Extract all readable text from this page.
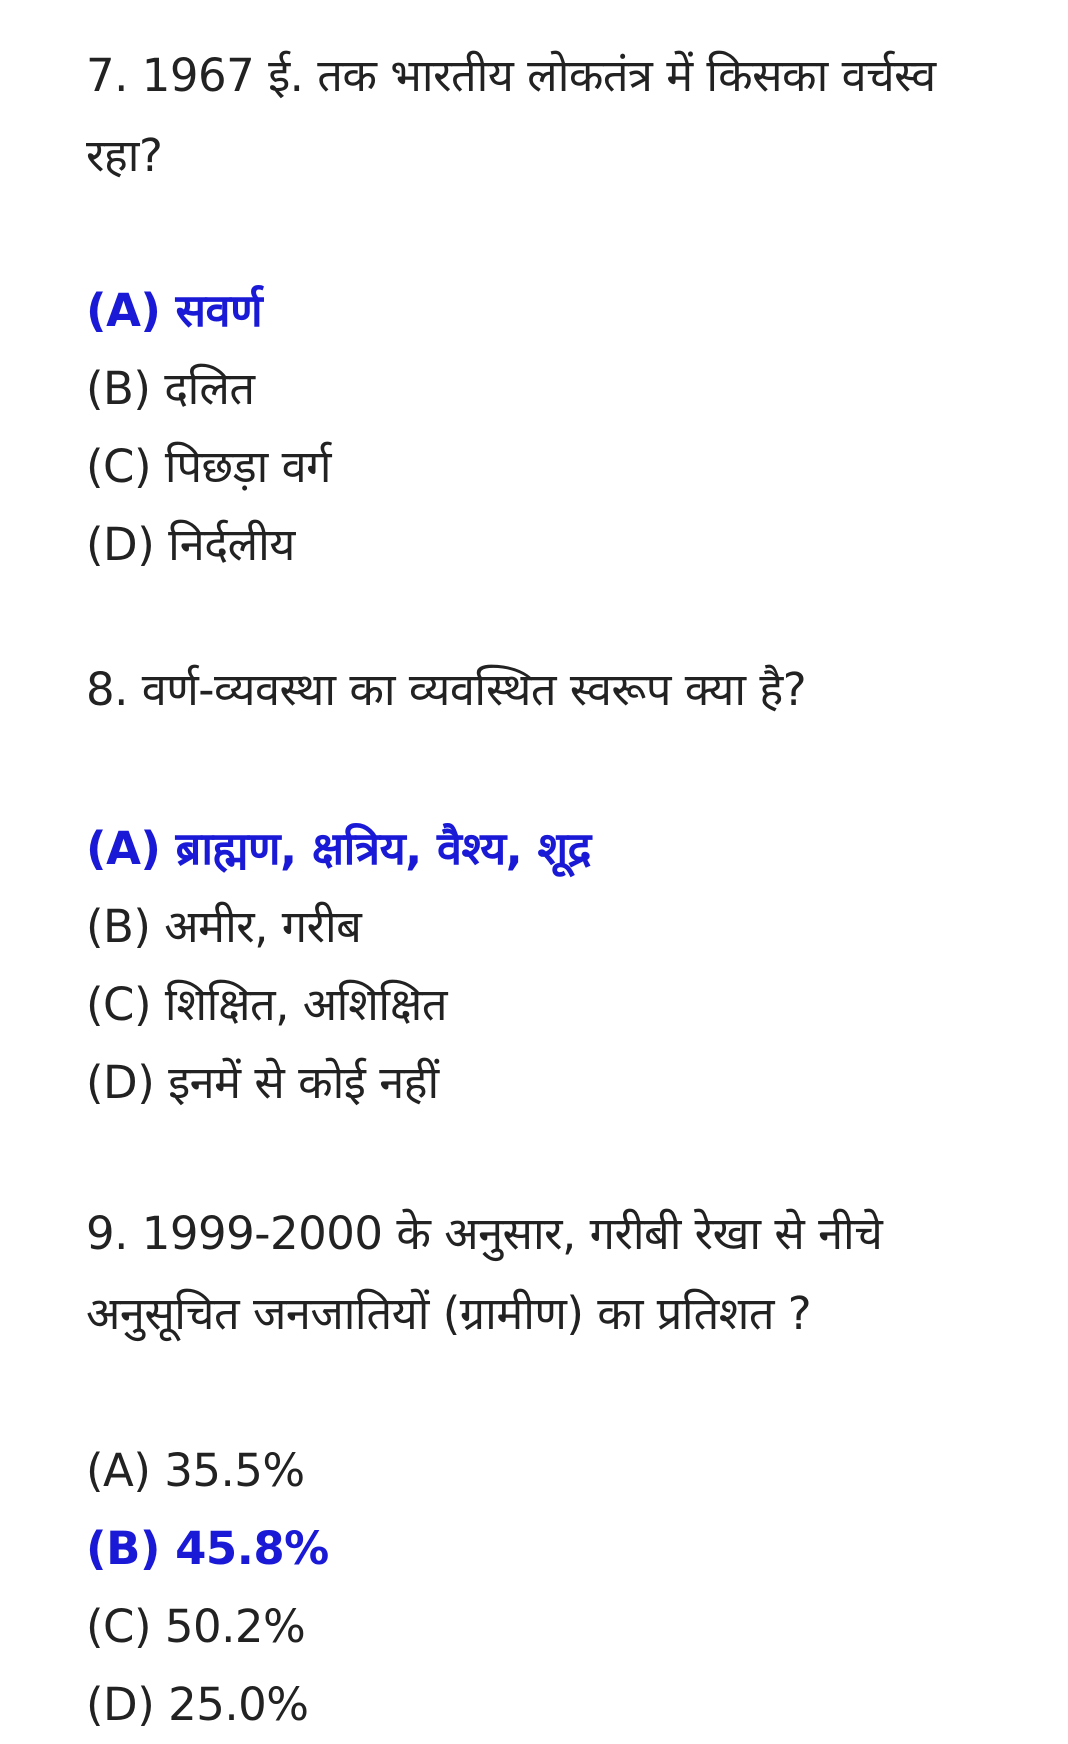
7. 1967 ई. तक भारतीय लोकतंत्र में किसका वर्चस्व रहा?

(A) सवर्ण
(B) दलित
(C) पिछड़ा वर्ग
(D) निर्दलीय

8. वर्ण-व्यवस्था का व्यवस्थित स्वरूप क्या है?

(A) ब्राह्मण, क्षत्रिय, वैश्य, शूद्र
(B) अमीर, गरीब
(C) शिक्षित, अशिक्षित
(D) इनमें से कोई नहीं

9. 1999-2000 के अनुसार, गरीबी रेखा से नीचे अनुसूचित जनजातियों (ग्रामीण) का प्रतिशत ?

(A) 35.5%
(B) 45.8%
(C) 50.2%
(D) 25.0%
